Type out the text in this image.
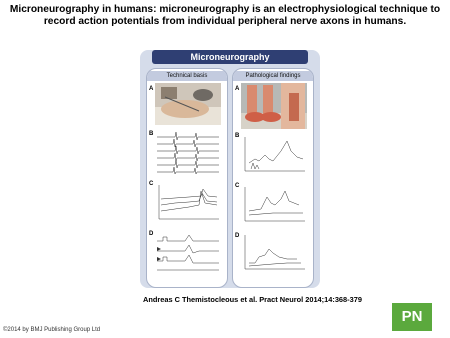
Microneurography in humans: microneurography is an electrophysiological technique to record action potentials from individual peripheral nerve axons in humans.
Microneurography
Technical basis
A
B
C
D
Pathological findings
A
B
C
D
Andreas C Themistocleous et al. Pract Neurol 2014;14:368-379
©2014 by BMJ Publishing Group Ltd
PN
